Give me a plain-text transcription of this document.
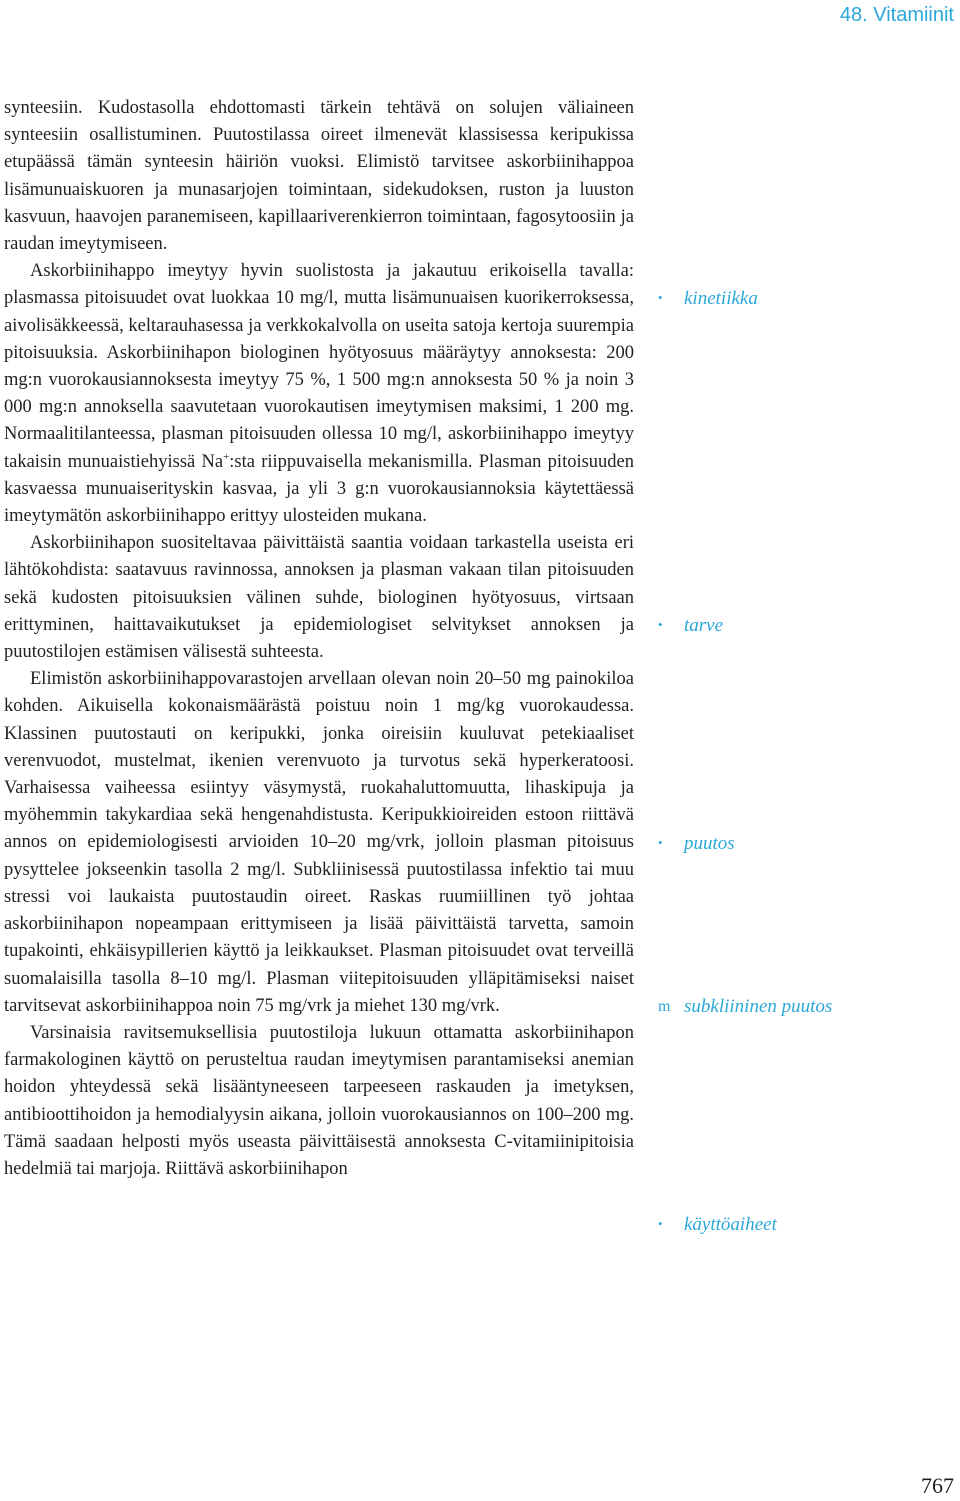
48. Vitamiinit

synteesiin. Kudostasolla ehdottomasti tärkein tehtävä on solujen väliaineen synteesiin osallistuminen. Puutostilassa oireet ilmenevät klassisessa keripukissa etupäässä tämän synteesin häiriön vuoksi. Elimistö tarvitsee askorbiinihappoa lisämunuaiskuoren ja munasarjojen toimintaan, sidekudoksen, ruston ja luuston kasvuun, haavojen paranemiseen, kapillaariverenkierron toimintaan, fagosytoosiin ja raudan imeytymiseen.

Askorbiinihappo imeytyy hyvin suolistosta ja jakautuu erikoisella tavalla: plasmassa pitoisuudet ovat luokkaa 10 mg/l, mutta lisämunuaisen kuorikerroksessa, aivolisäkkeessä, keltarauhasessa ja verkkokalvolla on useita satoja kertoja suurempia pitoisuuksia. Askorbiinihapon biologinen hyötyosuus määräytyy annoksesta: 200 mg:n vuorokausiannoksesta imeytyy 75 %, 1 500 mg:n annoksesta 50 % ja noin 3 000 mg:n annoksella saavutetaan vuorokautisen imeytymisen maksimi, 1 200 mg. Normaalitilanteessa, plasman pitoisuuden ollessa 10 mg/l, askorbiinihappo imeytyy takaisin munuaistiehyissä Na+:sta riippuvaisella mekanismilla. Plasman pitoisuuden kasvaessa munuaiserityskin kasvaa, ja yli 3 g:n vuorokausiannoksia käytettäessä imeytymätön askorbiinihappo erittyy ulosteiden mukana.

Askorbiinihapon suositeltavaa päivittäistä saantia voidaan tarkastella useista eri lähtökohdista: saatavuus ravinnossa, annoksen ja plasman vakaan tilan pitoisuuden sekä kudosten pitoisuuksien välinen suhde, biologinen hyötyosuus, virtsaan erittyminen, haittavaikutukset ja epidemiologiset selvitykset annoksen ja puutostilojen estämisen välisestä suhteesta.

Elimistön askorbiinihappovarastojen arvellaan olevan noin 20–50 mg painokiloa kohden. Aikuisella kokonaismäärästä poistuu noin 1 mg/kg vuorokaudessa. Klassinen puutostauti on keripukki, jonka oireisiin kuuluvat petekiaaliset verenvuodot, mustelmat, ikenien verenvuoto ja turvotus sekä hyperkeratoosi. Varhaisessa vaiheessa esiintyy väsymystä, ruokahaluttomuutta, lihaskipuja ja myöhemmin takykardiaa sekä hengenahdistusta. Keripukkioireiden estoon riittävä annos on epidemiologisesti arvioiden 10–20 mg/vrk, jolloin plasman pitoisuus pysyttelee jokseenkin tasolla 2 mg/l. Subkliinisessä puutostilassa infektio tai muu stressi voi laukaista puutostaudin oireet. Raskas ruumiillinen työ johtaa askorbiinihapon nopeampaan erittymiseen ja lisää päivittäistä tarvetta, samoin tupakointi, ehkäisypillerien käyttö ja leikkaukset. Plasman pitoisuudet ovat terveillä suomalaisilla tasolla 8–10 mg/l. Plasman viitepitoisuuden ylläpitämiseksi naiset tarvitsevat askorbiinihappoa noin 75 mg/vrk ja miehet 130 mg/vrk.

Varsinaisia ravitsemuksellisia puutostiloja lukuun ottamatta askorbiinihapon farmakologinen käyttö on perusteltua raudan imeytymisen parantamiseksi anemian hoidon yhteydessä sekä lisääntyneeseen tarpeeseen raskauden ja imetyksen, antibioottihoidon ja hemodialyysin aikana, jolloin vuorokausiannos on 100–200 mg. Tämä saadaan helposti myös useasta päivittäisestä annoksesta C-vitamiinipitoisia hedelmiä tai marjoja. Riittävä askorbiinihapon

• kinetiikka
• tarve
• puutos
m subkliininen puutos
• käyttöaiheet
767
